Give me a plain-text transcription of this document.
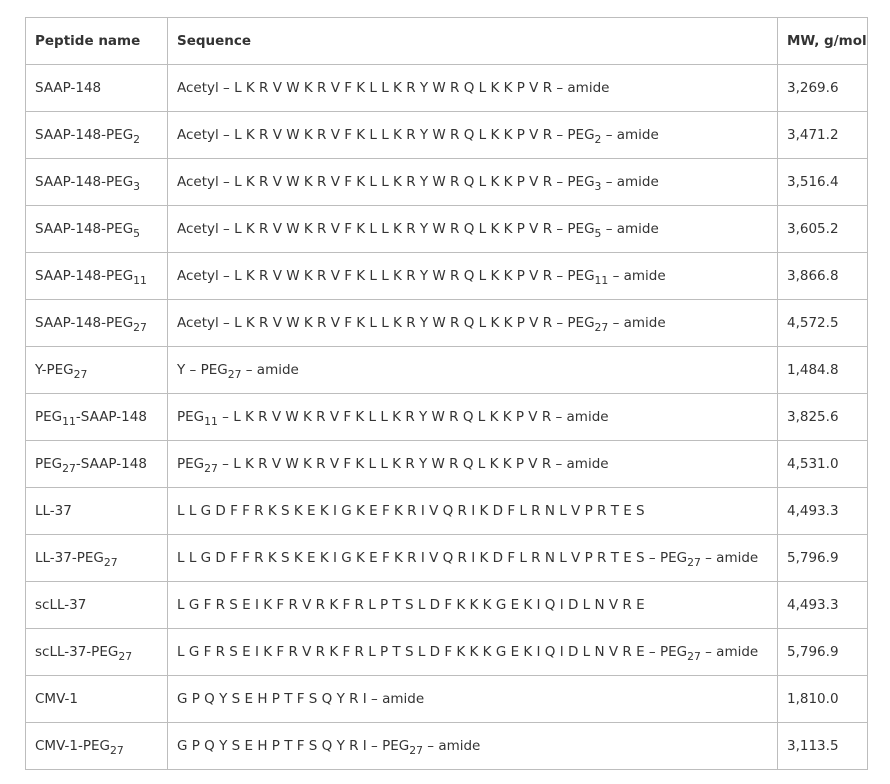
Peptide name	Sequence	MW, g/mol
SAAP-148	Acetyl – L K R V W K R V F K L L K R Y W R Q L K K P V R – amide	3,269.6
SAAP-$148-PEG_2$	Acetyl – L K R V W K R V F K L L K R Y W R Q L K K P V R – $PEG_2$ – amide	3,471.2
SAAP-$148-PEG_3$	Acetyl – L K R V W K R V F K L L K R Y W R Q L K K P V R – $PEG_3$ – amide	3,516.4
SAAP-$148-PEG_5$	Acetyl – L K R V W K R V F K L L K R Y W R Q L K K P V R – $PEG_5$ – amide	3,605.2
SAAP-$148-PEG_{11}$	Acetyl – L K R V W K R V F K L L K R Y W R Q L K K P V R – $PEG_{11}$ – amide	3,866.8
SAAP-$148-PEG_{27}$	Acetyl – L K R V W K R V F K L L K R Y W R Q L K K P V R – $PEG_{27}$ – amide	4,572.5
$Y-PEG_{27}$	Y – $PEG_{27}$ – amide	1,484.8
$PEG_{11}-SAAP-148$	$PEG_{11}$ – L K R V W K R V F K L L K R Y W R Q L K K P V R – amide	3,825.6
$PEG_{27}-SAAP-148$	$PEG_{27}$ – L K R V W K R V F K L L K R Y W R Q L K K P V R – amide	4,531.0
LL-37	L L G D F F R K S K E K I G K E F K R I V Q R I K D F L R N L V P R T E S	4,493.3
$LL-37-PEG_{27}$	L L G D F F R K S K E K I G K E F K R I V Q R I K D F L R N L V P R T E S – $PEG_{27}$ – amide	5,796.9
scLL-37	L G F R S E I K F R V R K F R L P T S L D F K K K G E K I Q I D L N V R E	4,493.3
scLL-$37-PEG_{27}$	L G F R S E I K F R V R K F R L P T S L D F K K K G E K I Q I D L N V R E – $PEG_{27}$ – amide	5,796.9
CMV-1	G P Q Y S E H P T F S Q Y R I – amide	1,810.0
CMV-$1-PEG_{27}$	G P Q Y S E H P T F S Q Y R I – $PEG_{27}$ – amide	3,113.5
